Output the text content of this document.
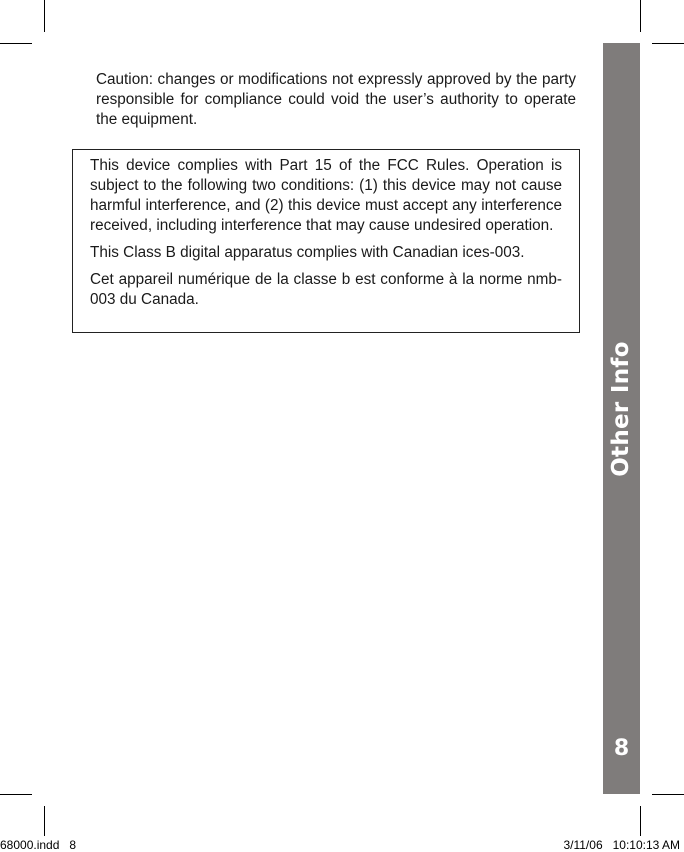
Caution: changes or modifications not expressly approved by the party responsible for compliance could void the user’s authority to operate the equipment.

This device complies with Part 15 of the FCC Rules. Operation is subject to the following two conditions: (1) this device may not cause harmful interference, and (2) this device must accept any interference received, including interference that may cause undesired operation.

This Class B digital apparatus complies with Canadian ices-003.

Cet appareil numérique de la classe b est conforme à la norme nmb-003 du Canada.

Other Info
8
68000.indd   8	3/11/06   10:10:13 AM
